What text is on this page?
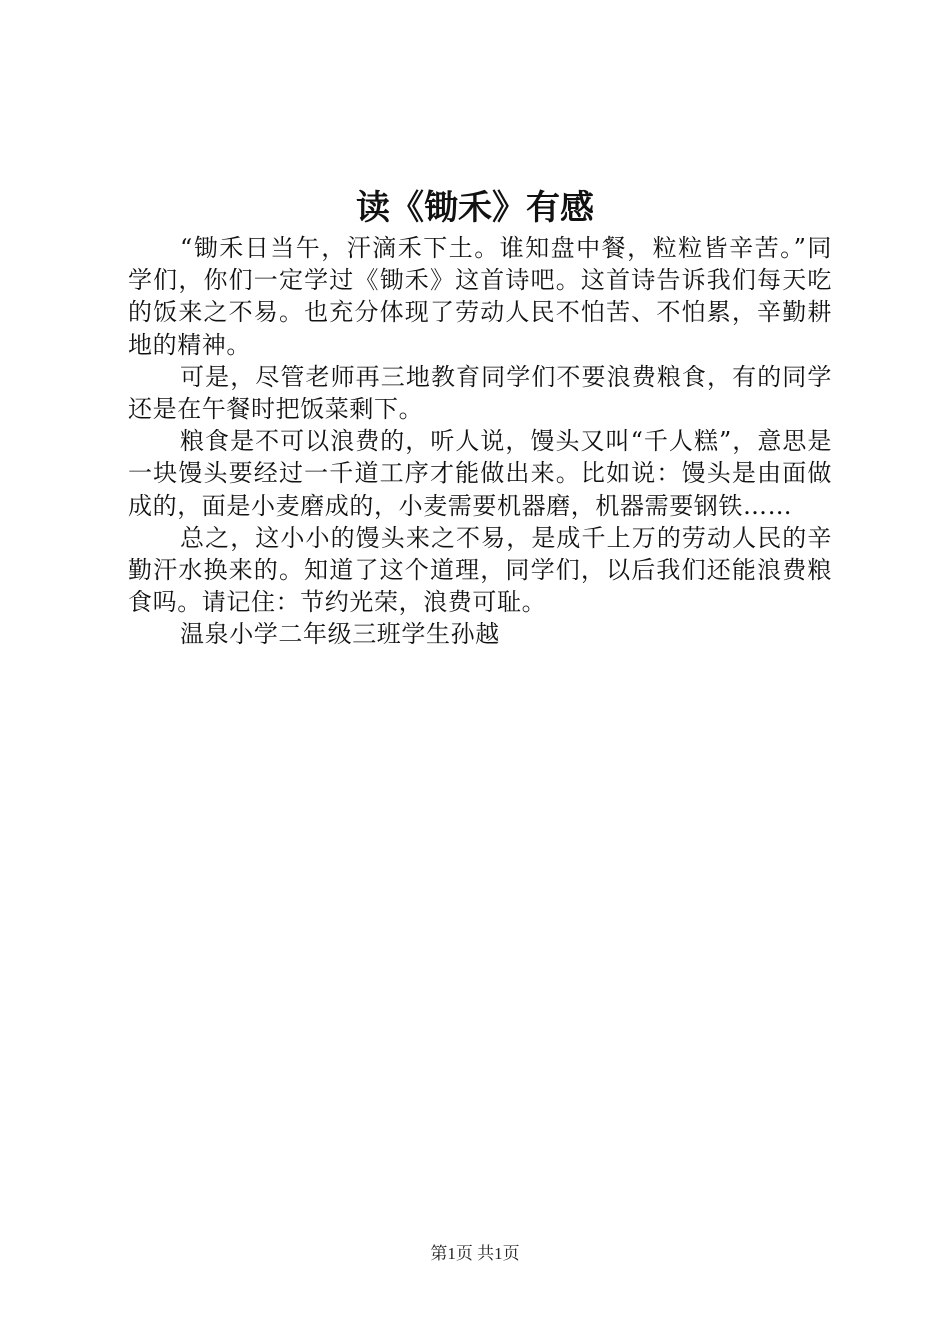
读《锄禾》有感

“锄禾日当午，汗滴禾下土。谁知盘中餐，粒粒皆辛苦。”同学们，你们一定学过《锄禾》这首诗吧。这首诗告诉我们每天吃的饭来之不易。也充分体现了劳动人民不怕苦、不怕累，辛勤耕地的精神。

可是，尽管老师再三地教育同学们不要浪费粮食，有的同学还是在午餐时把饭菜剩下。

粮食是不可以浪费的，听人说，馒头又叫“千人糕”，意思是一块馒头要经过一千道工序才能做出来。比如说：馒头是由面做成的，面是小麦磨成的，小麦需要机器磨，机器需要钢铁……

总之，这小小的馒头来之不易，是成千上万的劳动人民的辛勤汗水换来的。知道了这个道理，同学们，以后我们还能浪费粮食吗。请记住：节约光荣，浪费可耻。

温泉小学二年级三班学生孙越

第1页 共1页
